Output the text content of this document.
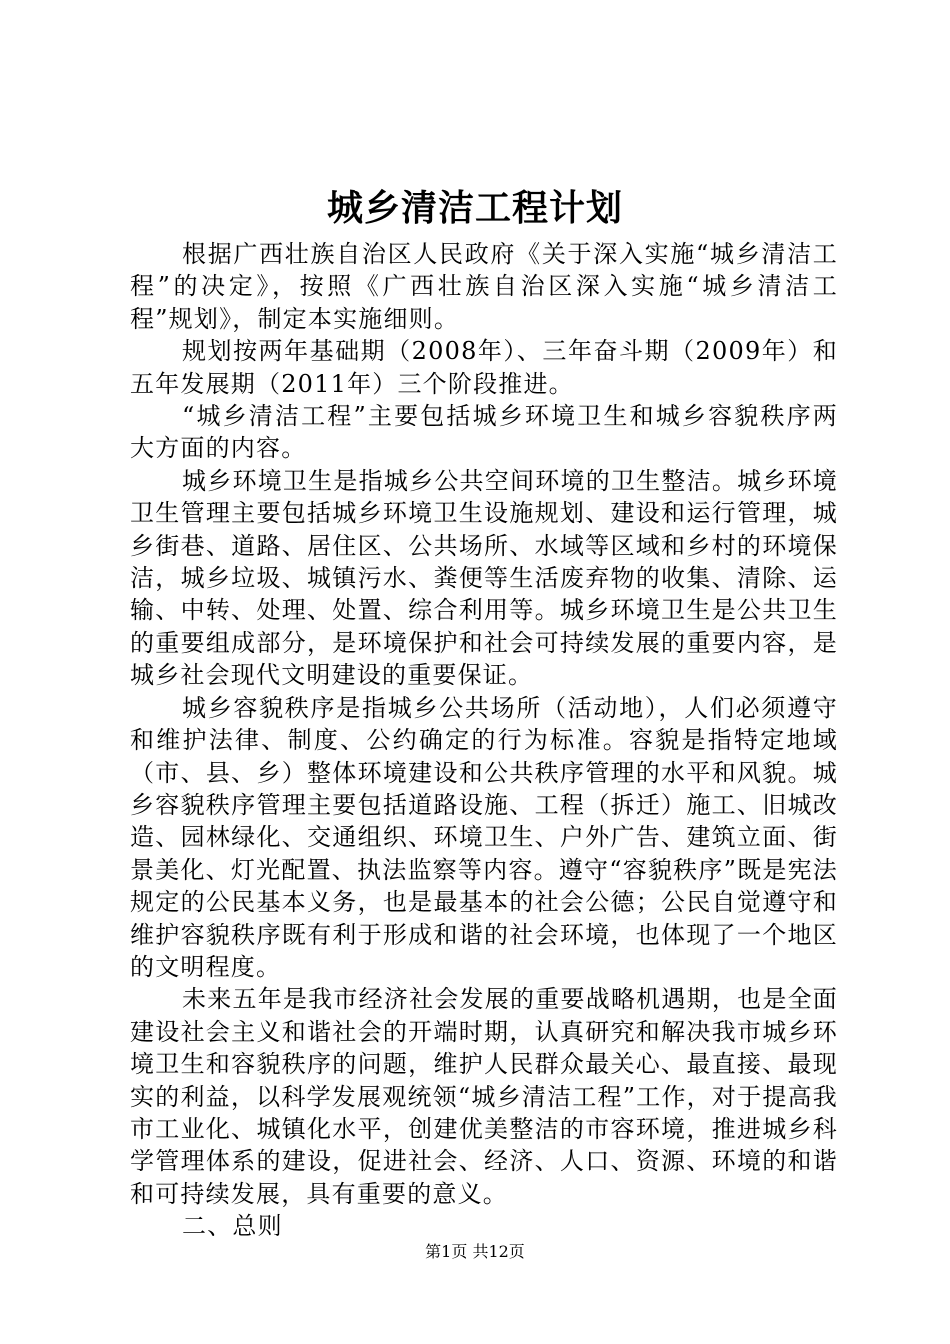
城乡清洁工程计划

根据广西壮族自治区人民政府《关于深入实施“城乡清洁工程”的决定》，按照《广西壮族自治区深入实施“城乡清洁工程”规划》，制定本实施细则。

规划按两年基础期（2008年）、三年奋斗期（2009年）和五年发展期（2011年）三个阶段推进。

“城乡清洁工程”主要包括城乡环境卫生和城乡容貌秩序两大方面的内容。

城乡环境卫生是指城乡公共空间环境的卫生整洁。城乡环境卫生管理主要包括城乡环境卫生设施规划、建设和运行管理，城乡街巷、道路、居住区、公共场所、水域等区域和乡村的环境保洁，城乡垃圾、城镇污水、粪便等生活废弃物的收集、清除、运输、中转、处理、处置、综合利用等。城乡环境卫生是公共卫生的重要组成部分，是环境保护和社会可持续发展的重要内容，是城乡社会现代文明建设的重要保证。

城乡容貌秩序是指城乡公共场所（活动地），人们必须遵守和维护法律、制度、公约确定的行为标准。容貌是指特定地域（市、县、乡）整体环境建设和公共秩序管理的水平和风貌。城乡容貌秩序管理主要包括道路设施、工程（拆迁）施工、旧城改造、园林绿化、交通组织、环境卫生、户外广告、建筑立面、街景美化、灯光配置、执法监察等内容。遵守“容貌秩序”既是宪法规定的公民基本义务，也是最基本的社会公德；公民自觉遵守和维护容貌秩序既有利于形成和谐的社会环境，也体现了一个地区的文明程度。

未来五年是我市经济社会发展的重要战略机遇期，也是全面建设社会主义和谐社会的开端时期，认真研究和解决我市城乡环境卫生和容貌秩序的问题，维护人民群众最关心、最直接、最现实的利益，以科学发展观统领“城乡清洁工程”工作，对于提高我市工业化、城镇化水平，创建优美整洁的市容环境，推进城乡科学管理体系的建设，促进社会、经济、人口、资源、环境的和谐和可持续发展，具有重要的意义。

二、总则

第1页 共12页
